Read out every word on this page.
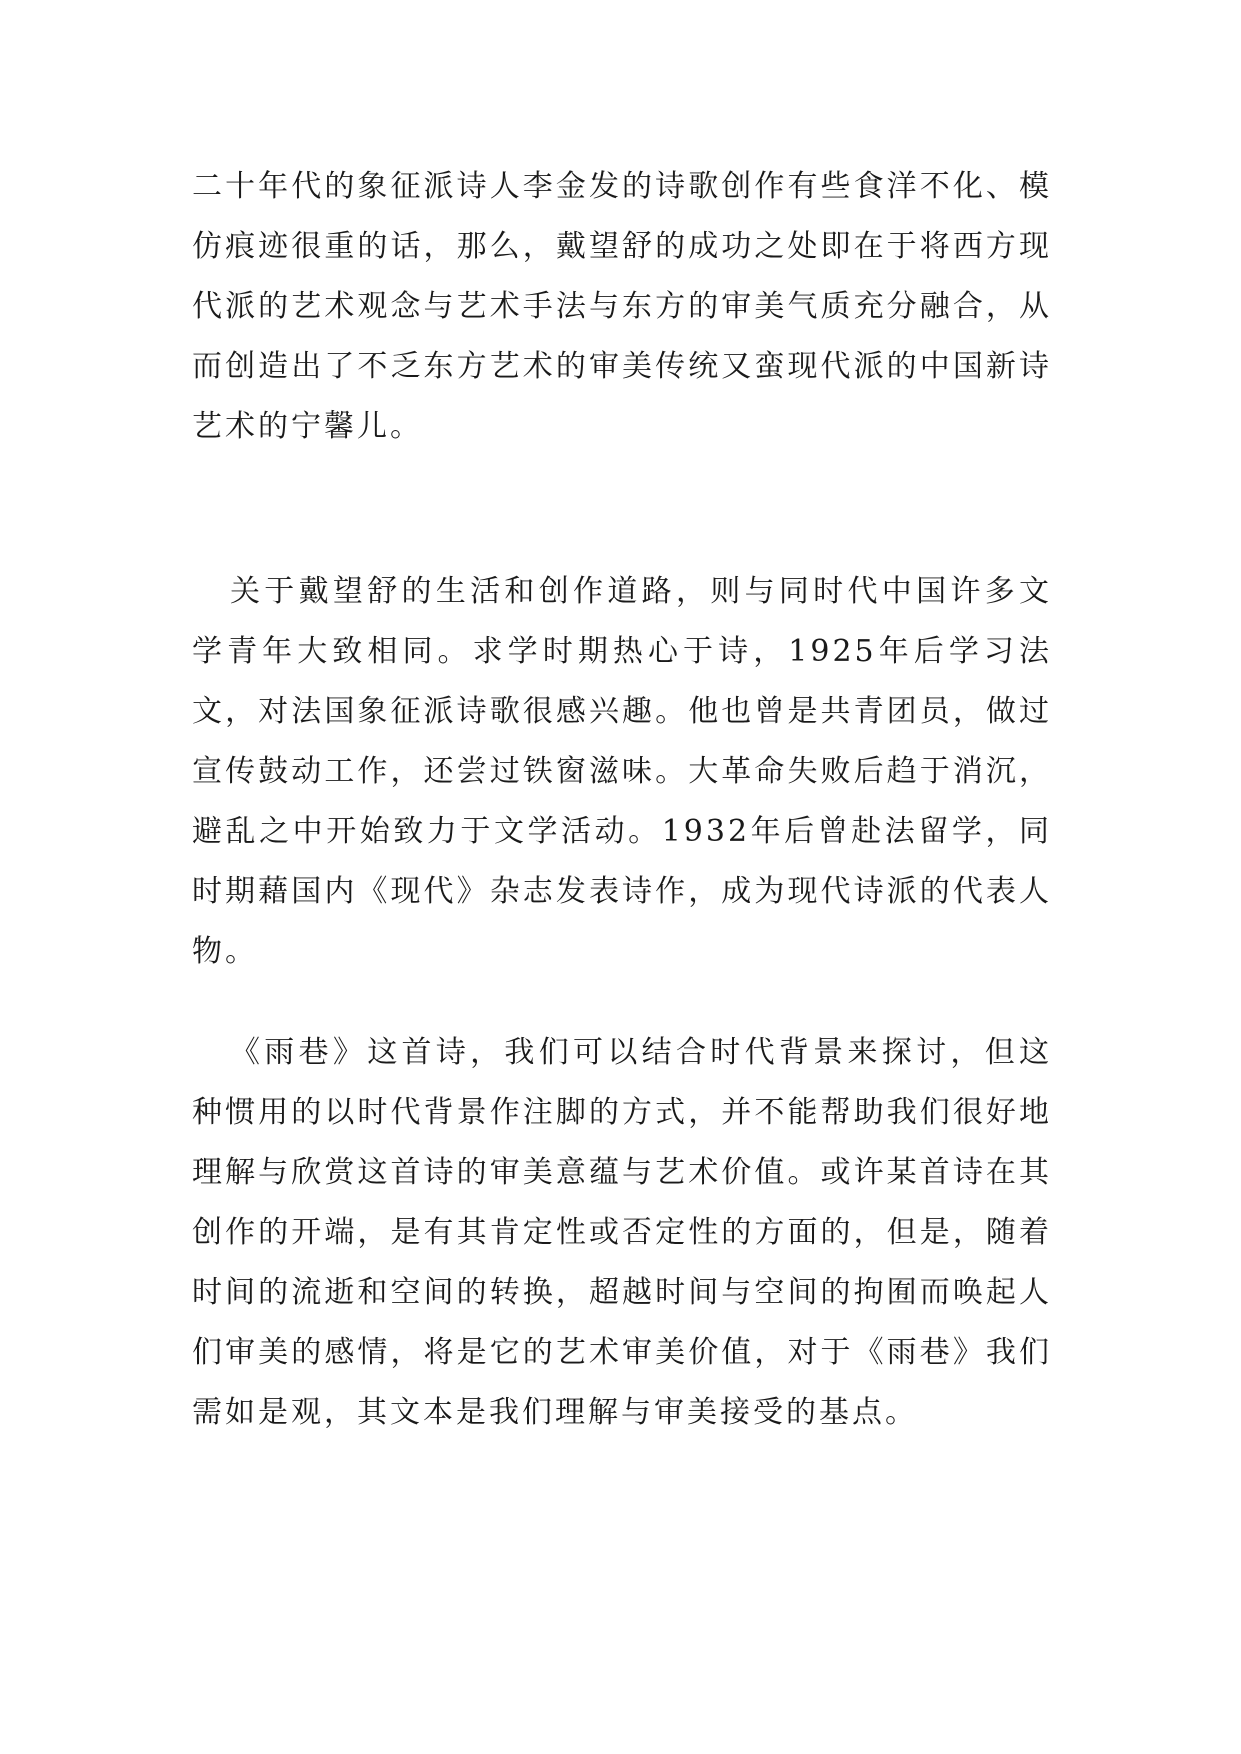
二十年代的象征派诗人李金发的诗歌创作有些食洋不化、模仿痕迹很重的话，那么，戴望舒的成功之处即在于将西方现代派的艺术观念与艺术手法与东方的审美气质充分融合，从而创造出了不乏东方艺术的审美传统又蛮现代派的中国新诗艺术的宁馨儿。

关于戴望舒的生活和创作道路，则与同时代中国许多文学青年大致相同。求学时期热心于诗，1925年后学习法文，对法国象征派诗歌很感兴趣。他也曾是共青团员，做过宣传鼓动工作，还尝过铁窗滋味。大革命失败后趋于消沉，避乱之中开始致力于文学活动。1932年后曾赴法留学，同时期藉国内《现代》杂志发表诗作，成为现代诗派的代表人物。

《雨巷》这首诗，我们可以结合时代背景来探讨，但这种惯用的以时代背景作注脚的方式，并不能帮助我们很好地理解与欣赏这首诗的审美意蕴与艺术价值。或许某首诗在其创作的开端，是有其肯定性或否定性的方面的，但是，随着时间的流逝和空间的转换，超越时间与空间的拘囿而唤起人们审美的感情，将是它的艺术审美价值，对于《雨巷》我们需如是观，其文本是我们理解与审美接受的基点。
